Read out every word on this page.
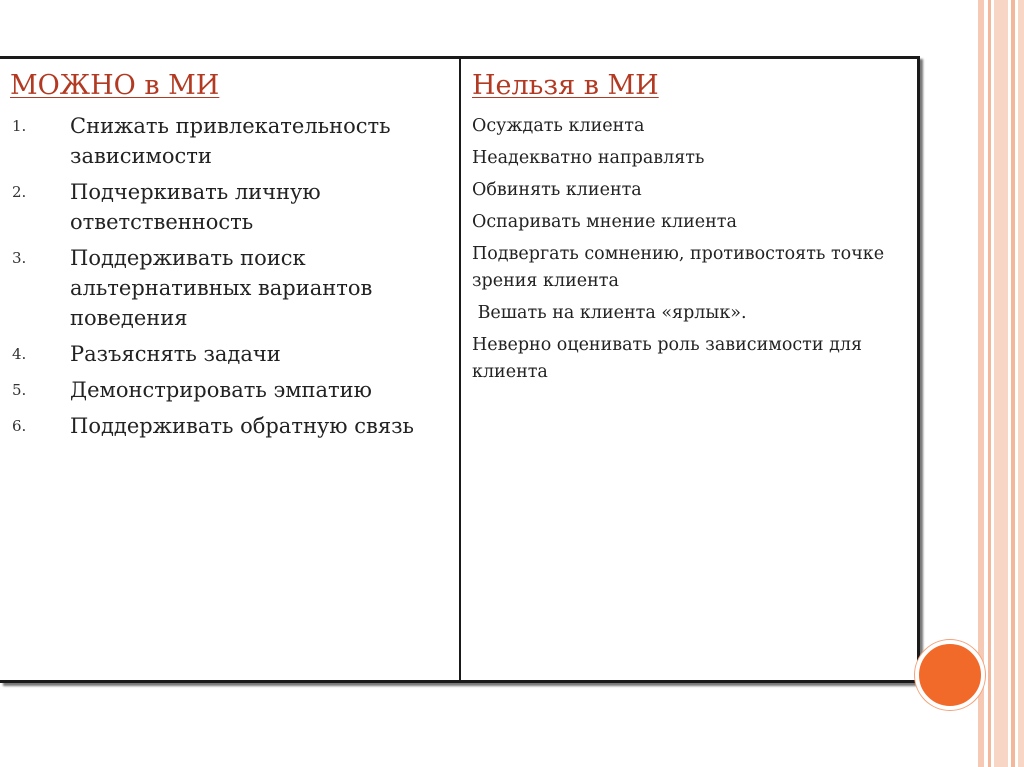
МОЖНО в МИ
1.	Снижать привлекательность зависимости
2.	Подчеркивать личную ответственность
3.	Поддерживать поиск альтернативных вариантов поведения
4.	Разъяснять задачи
5.	Демонстрировать эмпатию
6.	Поддерживать обратную связь
Нельзя в МИ
Осуждать клиента
Неадекватно направлять
Обвинять клиента
Оспаривать мнение клиента
Подвергать сомнению, противостоять точке зрения клиента
Вешать на клиента «ярлык».
Неверно оценивать роль зависимости для клиента
